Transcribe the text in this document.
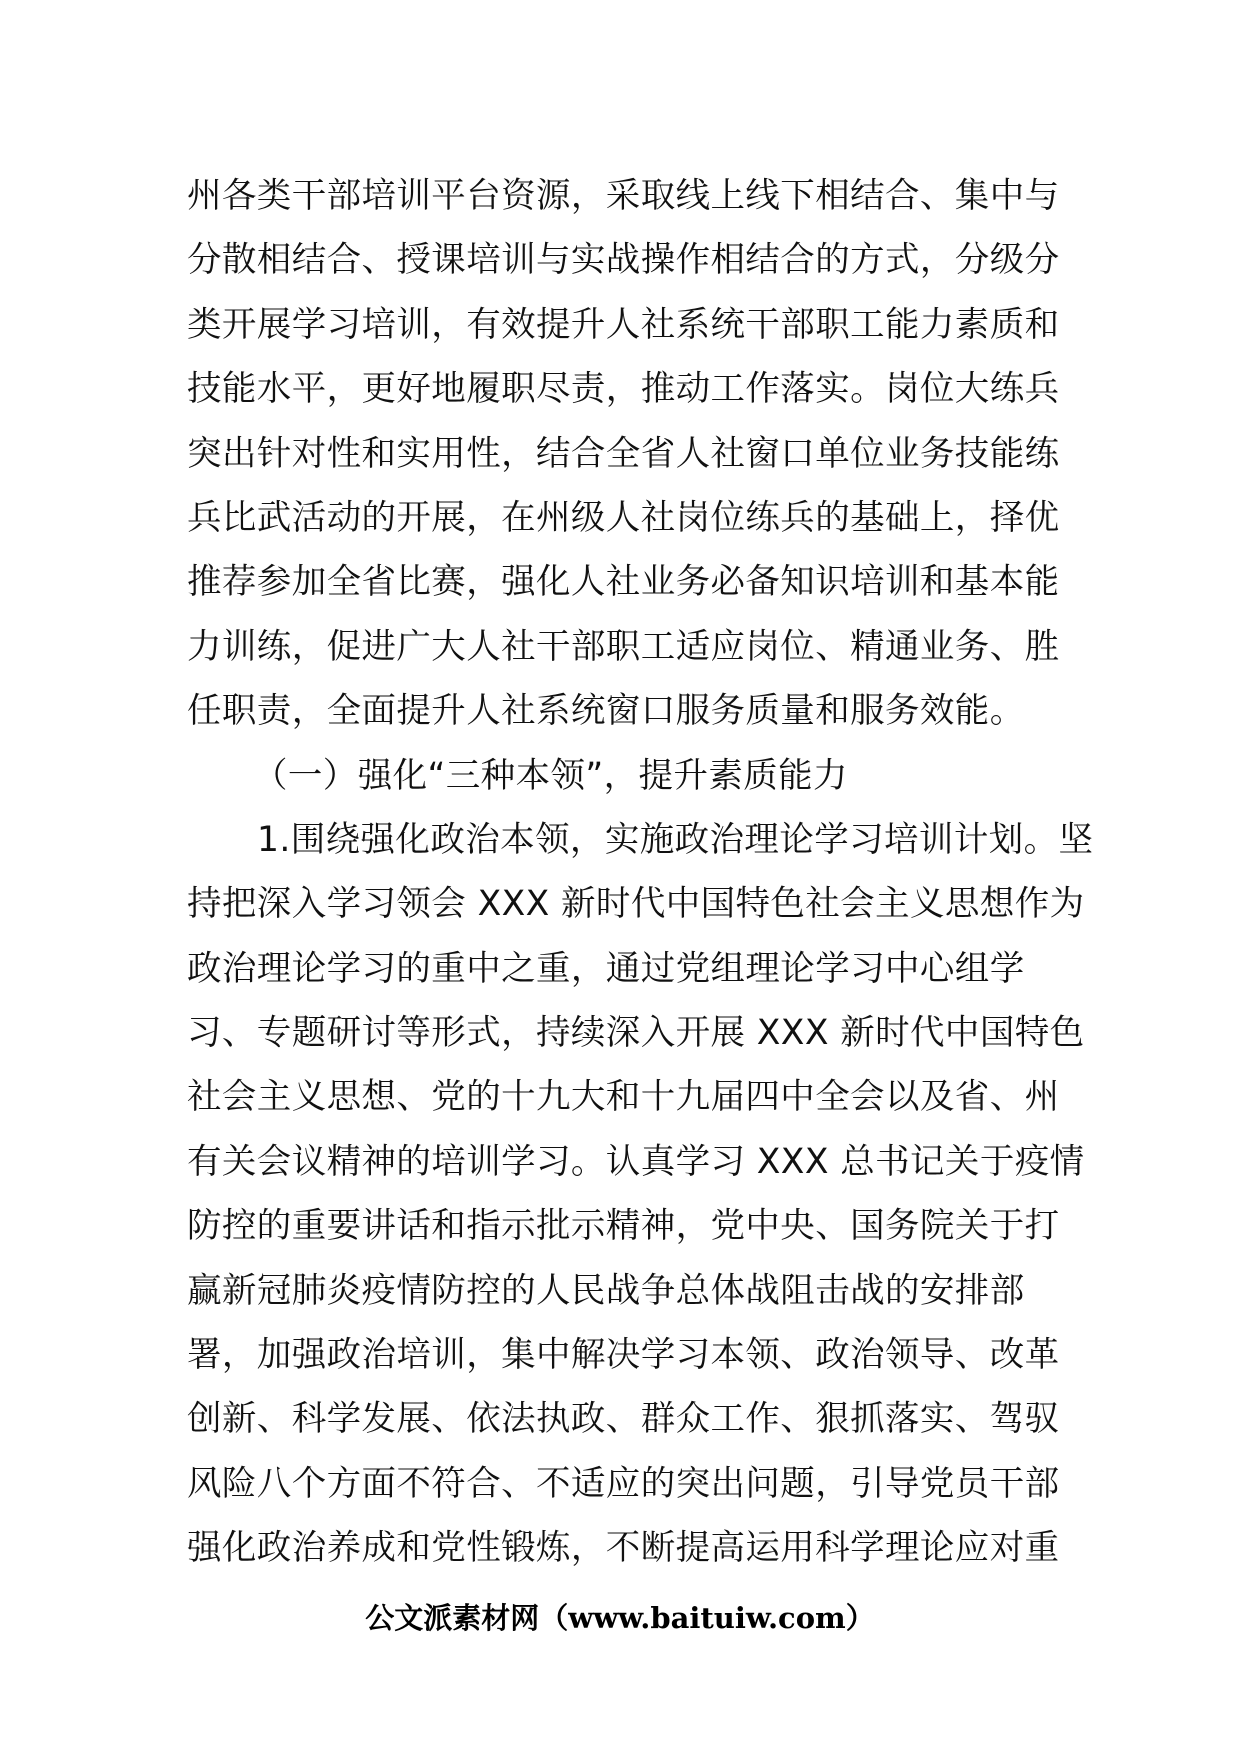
州各类干部培训平台资源，采取线上线下相结合、集中与
分散相结合、授课培训与实战操作相结合的方式，分级分
类开展学习培训，有效提升人社系统干部职工能力素质和
技能水平，更好地履职尽责，推动工作落实。岗位大练兵
突出针对性和实用性，结合全省人社窗口单位业务技能练
兵比武活动的开展，在州级人社岗位练兵的基础上，择优
推荐参加全省比赛，强化人社业务必备知识培训和基本能
力训练，促进广大人社干部职工适应岗位、精通业务、胜
任职责，全面提升人社系统窗口服务质量和服务效能。
（一）强化“三种本领”，提升素质能力
1.围绕强化政治本领，实施政治理论学习培训计划。坚
持把深入学习领会 XXX 新时代中国特色社会主义思想作为
政治理论学习的重中之重，通过党组理论学习中心组学
习、专题研讨等形式，持续深入开展 XXX 新时代中国特色
社会主义思想、党的十九大和十九届四中全会以及省、州
有关会议精神的培训学习。认真学习 XXX 总书记关于疫情
防控的重要讲话和指示批示精神，党中央、国务院关于打
赢新冠肺炎疫情防控的人民战争总体战阻击战的安排部
署，加强政治培训，集中解决学习本领、政治领导、改革
创新、科学发展、依法执政、群众工作、狠抓落实、驾驭
风险八个方面不符合、不适应的突出问题，引导党员干部
强化政治养成和党性锻炼，不断提高运用科学理论应对重
公文派素材网（www.baituiw.com）
